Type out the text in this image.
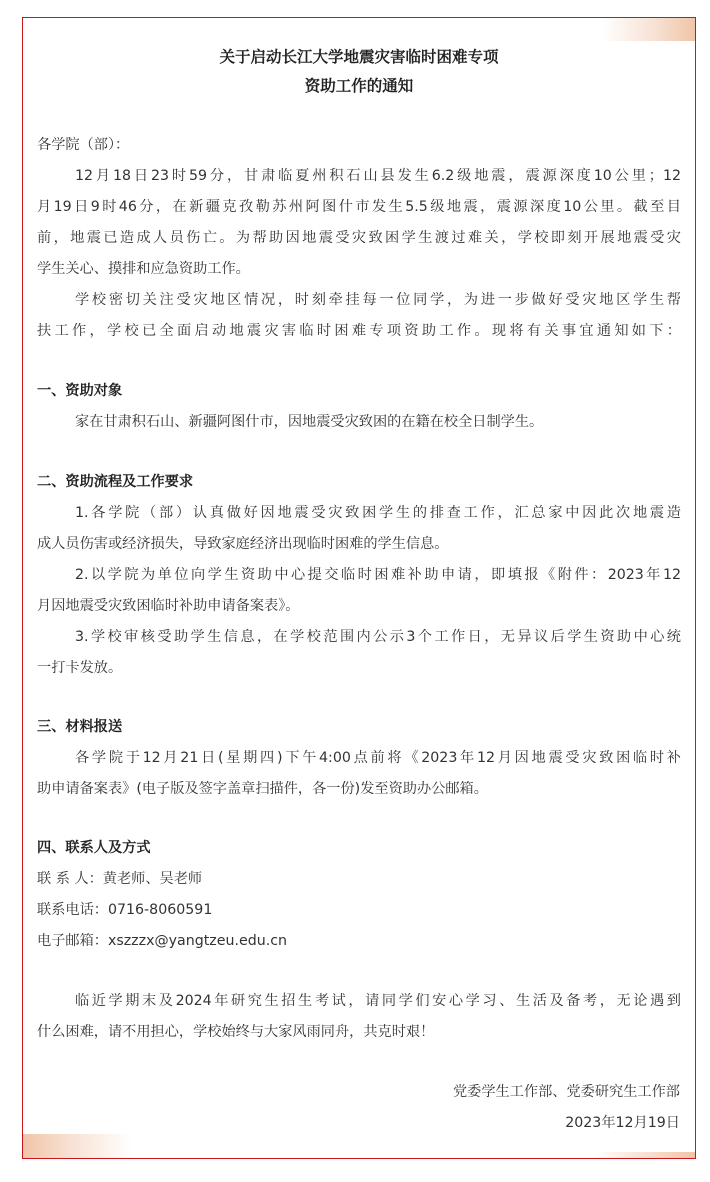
关于启动长江大学地震灾害临时困难专项
资助工作的通知
各学院（部）：
12月18日23时59分，甘肃临夏州积石山县发生6.2级地震，震源深度10公里；12
月19日9时46分，在新疆克孜勒苏州阿图什市发生5.5级地震，震源深度10公里。截至目
前，地震已造成人员伤亡。为帮助因地震受灾致困学生渡过难关，学校即刻开展地震受灾
学生关心、摸排和应急资助工作。
学校密切关注受灾地区情况，时刻牵挂每一位同学，为进一步做好受灾地区学生帮
扶工作，学校已全面启动地震灾害临时困难专项资助工作。现将有关事宜通知如下：
一、资助对象
家在甘肃积石山、新疆阿图什市，因地震受灾致困的在籍在校全日制学生。
二、资助流程及工作要求
1.各学院（部）认真做好因地震受灾致困学生的排查工作，汇总家中因此次地震造
成人员伤害或经济损失，导致家庭经济出现临时困难的学生信息。
2.以学院为单位向学生资助中心提交临时困难补助申请，即填报《附件：2023年12
月因地震受灾致困临时补助申请备案表》。
3.学校审核受助学生信息，在学校范围内公示3个工作日，无异议后学生资助中心统
一打卡发放。
三、材料报送
各学院于12月21日(星期四)下午4:00点前将《2023年12月因地震受灾致困临时补
助申请备案表》(电子版及签字盖章扫描件，各一份)发至资助办公邮箱。
四、联系人及方式
联 系 人：黄老师、吴老师
联系电话：0716-8060591
电子邮箱：xszzzx@yangtzeu.edu.cn
临近学期末及2024年研究生招生考试，请同学们安心学习、生活及备考，无论遇到
什么困难，请不用担心，学校始终与大家风雨同舟，共克时艰！
党委学生工作部、党委研究生工作部
2023年12月19日
